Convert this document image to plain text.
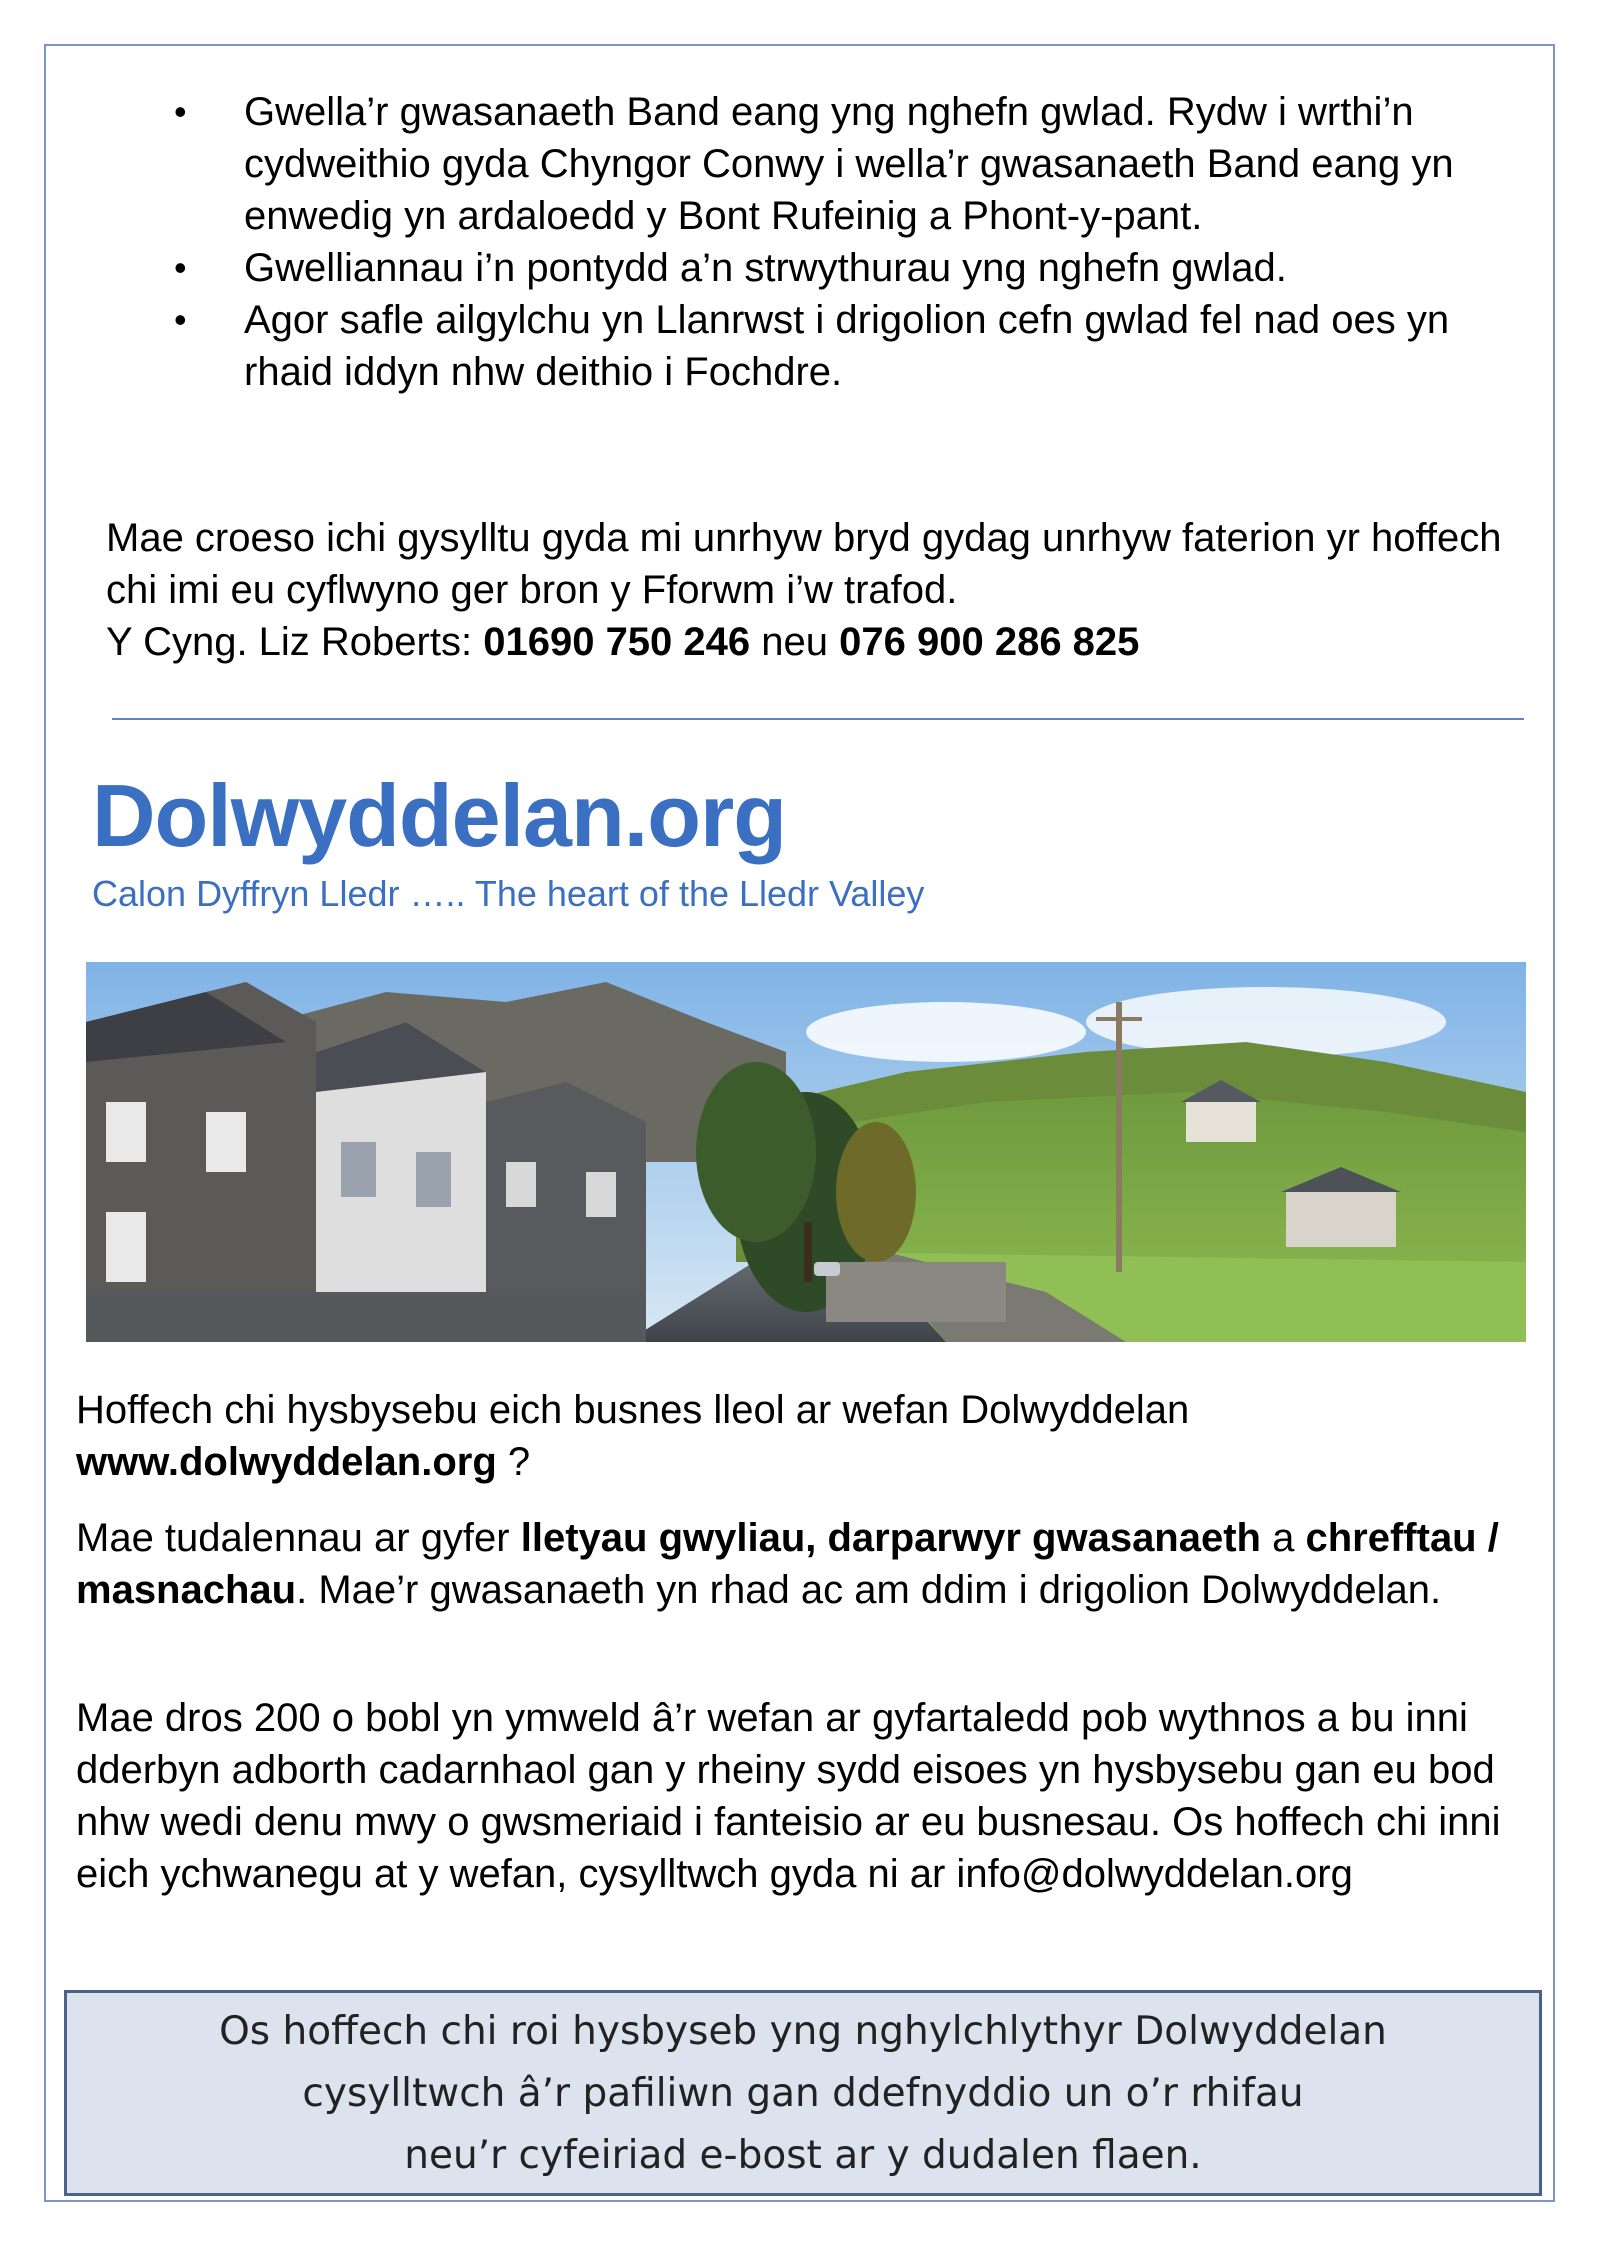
• Gwella’r gwasanaeth Band eang yng nghefn gwlad. Rydw i wrthi’n cydweithio gyda Chyngor Conwy i wella’r gwasanaeth Band eang yn enwedig yn ardaloedd y Bont Rufeinig a Phont-y-pant.
• Gwelliannau i’n pontydd a’n strwythurau yng nghefn gwlad.
• Agor safle ailgylchu yn Llanrwst i drigolion cefn gwlad fel nad oes yn rhaid iddyn nhw deithio i Fochdre.

Mae croeso ichi gysylltu gyda mi unrhyw bryd gydag unrhyw faterion yr hoffech chi imi eu cyflwyno ger bron y Fforwm i’w trafod.
Y Cyng. Liz Roberts: 01690 750 246 neu 076 900 286 825

Dolwyddelan.org
Calon Dyffryn Lledr ….. The heart of the Lledr Valley

Hoffech chi hysbysebu eich busnes lleol ar wefan Dolwyddelan
www.dolwyddelan.org ?

Mae tudalennau ar gyfer lletyau gwyliau, darparwyr gwasanaeth a chrefftau / masnachau. Mae’r gwasanaeth yn rhad ac am ddim i drigolion Dolwyddelan.

Mae dros 200 o bobl yn ymweld â’r wefan ar gyfartaledd pob wythnos a bu inni dderbyn adborth cadarnhaol gan y rheiny sydd eisoes yn hysbysebu gan eu bod nhw wedi denu mwy o gwsmeriaid i fanteisio ar eu busnesau. Os hoffech chi inni eich ychwanegu at y wefan, cysylltwch gyda ni ar info@dolwyddelan.org

Os hoffech chi roi hysbyseb yng nghylchlythyr Dolwyddelan
cysylltwch â’r pafiliwn gan ddefnyddio un o’r rhifau
neu’r cyfeiriad e-bost ar y dudalen flaen.
